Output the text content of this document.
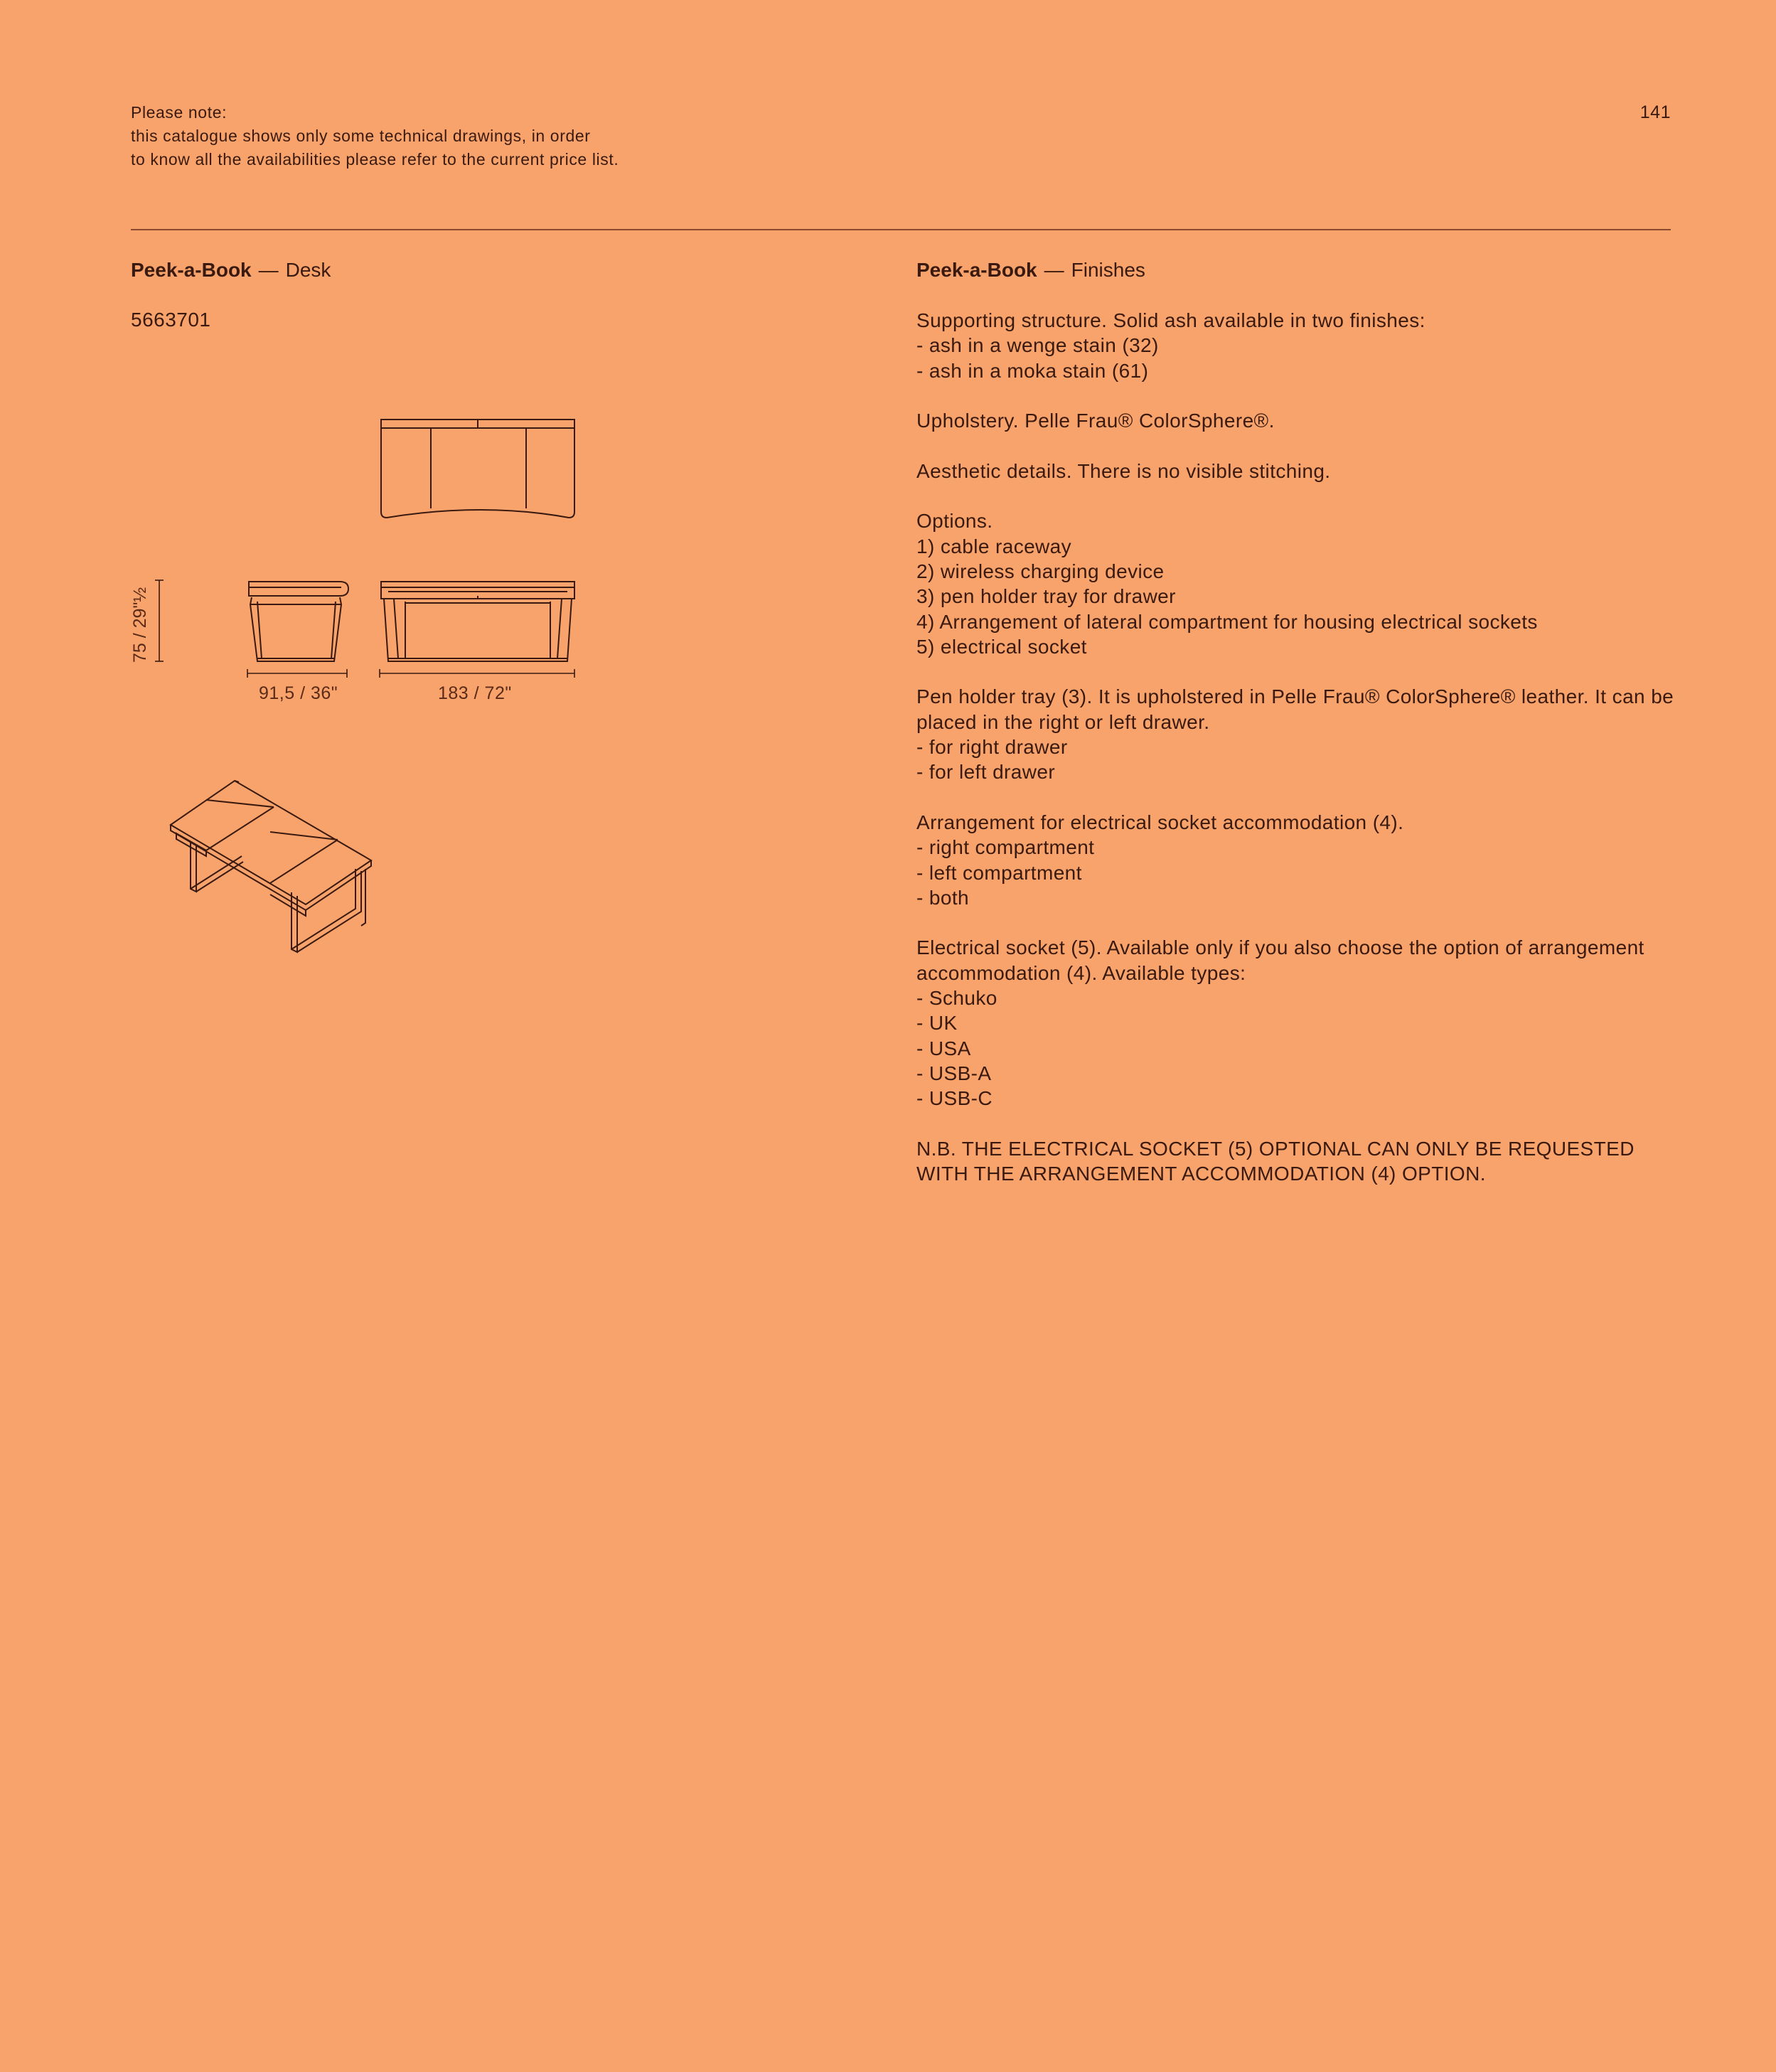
Please note:
this catalogue shows only some technical drawings, in order
to know all the availabilities please refer to the current price list.
141
75 / 29"½
91,5 / 36"	183 / 72"
Peek-a-Book — Desk
5663701
Peek-a-Book — Finishes
Supporting structure. Solid ash available in two finishes:
- ash in a wenge stain (32)
- ash in a moka stain (61)
Upholstery. Pelle Frau® ColorSphere®.
Aesthetic details. There is no visible stitching.
Options.
1) cable raceway
2) wireless charging device
3) pen holder tray for drawer
4) Arrangement of lateral compartment for housing electrical sockets
5) electrical socket
Pen holder tray (3). It is upholstered in Pelle Frau® ColorSphere® leather. It can be placed in the right or left drawer.
- for right drawer
- for left drawer
Arrangement for electrical socket accommodation (4).
- right compartment
- left compartment
- both
Electrical socket (5). Available only if you also choose the option of arrangement accommodation (4). Available types:
- Schuko
- UK
- USA
- USB-A
- USB-C
N.B. THE ELECTRICAL SOCKET (5) OPTIONAL CAN ONLY BE REQUESTED WITH THE ARRANGEMENT ACCOMMODATION (4) OPTION.
